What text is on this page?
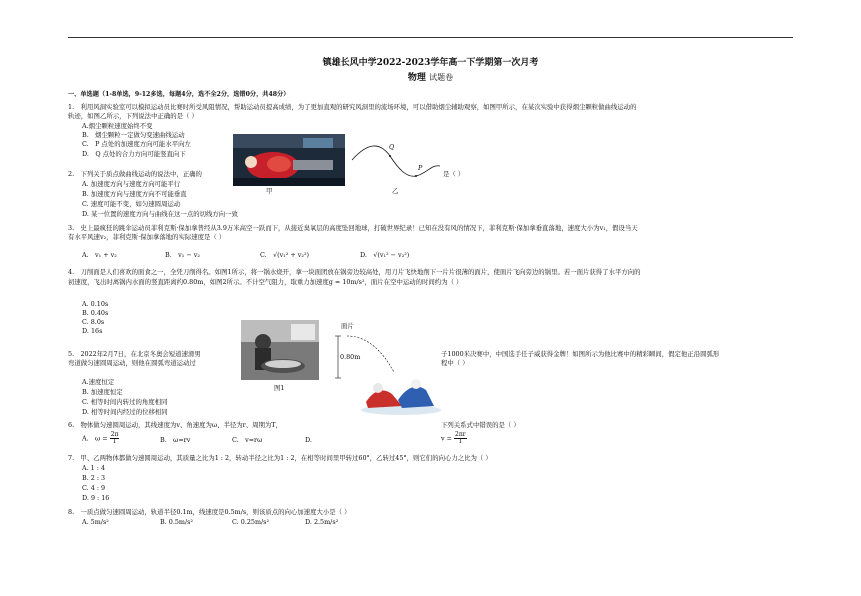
镇雄长风中学2022-2023学年高一下学期第一次月考
物理 试题卷
一、单选题（1-8单选，9-12多选，每题4分，选不全2分，选错0分，共48分）
1.　利用风洞实验室可以模拟运动员比赛时所受风阻情况，帮助运动员提高成绩，为了更加直观的研究风洞里的流场环境，可以借助烟尘辅助观察，如图甲所示，在某次实验中获得烟尘颗粒做曲线运动的
轨迹，如图乙所示，下列说法中正确的是（ ）
A.烟尘颗粒速度始终不变
B.　烟尘颗粒一定做匀变速曲线运动
C.　P 点处的加速度方向可能水平向左
D.　Q 点处的合力方向可能竖直向下
甲
Q
P
乙
2.　下列关于质点做曲线运动的说法中，正确的	是（ ）
A. 加速度方向与速度方向可能平行
B. 加速度方向与速度方向不可能垂直
C. 速度可能不变，如匀速圆周运动
D. 某一位置的速度方向与曲线在这一点的切线方向一致
3.　史上最疯狂的跳伞运动员菲利克斯·保加拿普经从3.9万米高空一跃而下，从接近臭氧层的高度坠回地球，打破世界纪录！已知在没有风的情况下，菲利克斯·保加拿垂直落地，速度大小为v₁，假设当天
有水平风速v₂，菲利克斯·保加拿落地的实际速度是（ ）
A.　v₁ + v₂	B.　v₁ − v₂	C.　√(v₁² + v₂²)	D.　√(v₁² − v₂²)
4.　刀削面是人们喜欢的面食之一，全凭刀削得名。如图1所示，将一锅水烧开，拿一块面团放在锅旁边较高处，用刀片飞快地削下一片片很薄的面片，使面片飞向旁边的锅里。若一面片获得了水平方向的
初速度，飞出时离锅内水面的竖直距离约0.80m，如图2所示。不计空气阻力，取重力加速度g = 10m/s²，面片在空中运动的时间约为（ ）
A. 0.10s
B. 0.40s
C. 8.0s
D. 16s
图1
面片
0.80m
5.　2022年2月7日，在北京冬奥会短道速滑男	子1000米决赛中，中国选手任子威获得金牌！如图所示为他比赛中的精彩瞬间，假定他正沿圆弧形
弯道做匀速圆周运动，则他在圆弧弯道运动过	程中（ ）
A.速度恒定
B. 加速度恒定
C. 相等时间内转过的角度相同
D. 相等时间内经过的位移相同
6.　物体做匀速圆周运动，其线速度为v、角速度为ω、半径为r、周期为T，	下列关系式中错误的是（ ）
A.　$\omega = \frac{2\pi}{T}$	B.　ω=rv	C.　v=rω	D.	$v = \frac{2\pi r}{T}$
7.　甲、乙两物体都做匀速圆周运动，其质量之比为1 : 2，转动半径之比为1 : 2，在相等时间里甲转过60°，乙转过45°，则它们的向心力之比为（ ）
A. 1 : 4
B. 2 : 3
C. 4 : 9
D. 9 : 16
8.　一质点做匀速圆周运动，轨道半径0.1m，线速度是0.5m/s，则该质点的向心加速度大小是（ ）
A. 5m/s²	B. 0.5m/s²	C. 0.25m/s²	D. 2.5m/s²
